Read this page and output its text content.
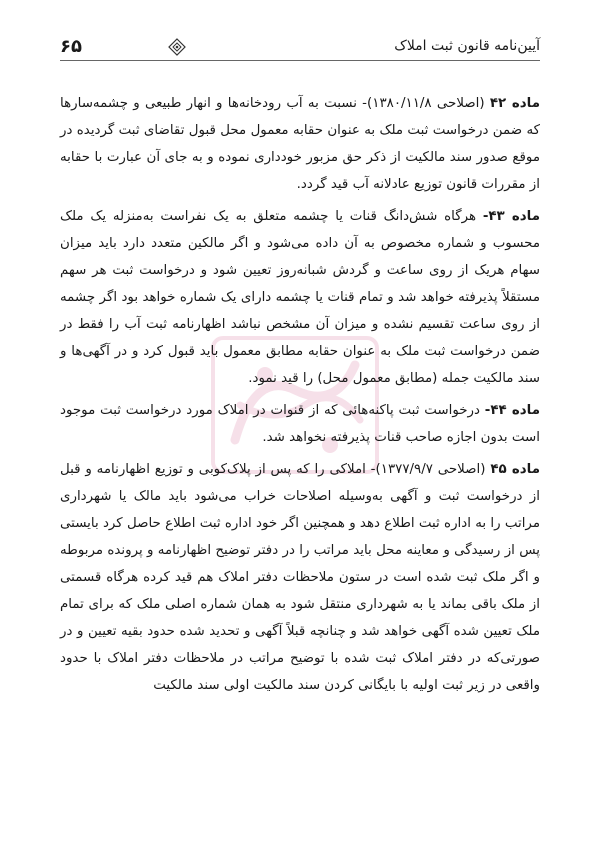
۶۵	آیین‌نامه قانون ثبت املاک

ماده ۴۲ (اصلاحی ۱۳۸۰/۱۱/۸)- نسبت به آب رودخانه‌ها و انهار طبیعی و چشمه‌سارها که ضمن درخواست ثبت ملک به عنوان حقابه معمول محل قبول تقاضای ثبت گردیده در موقع صدور سند مالکیت از ذکر حق مزبور خودداری نموده و به جای آن عبارت با حقابه از مقررات قانون توزیع عادلانه آب قید گردد.

ماده ۴۳- هرگاه شش‌دانگ قنات یا چشمه متعلق به یک نفراست به‌منزله یک ملک محسوب و شماره مخصوص به آن داده می‌شود و اگر مالکین متعدد دارد باید میزان سهام هریک از روی ساعت و گردش شبانه‌روز تعیین شود و درخواست ثبت هر سهم مستقلاً پذیرفته خواهد شد و تمام قنات یا چشمه دارای یک شماره خواهد بود اگر چشمه از روی ساعت تقسیم نشده و میزان آن مشخص نباشد اظهارنامه ثبت آب را فقط در ضمن درخواست ثبت ملک به عنوان حقابه مطابق معمول باید قبول کرد و در آگهی‌ها و سند مالکیت جمله (مطابق معمول محل) را قید نمود.

ماده ۴۴- درخواست ثبت پاکنه‌هائی که از قنوات در املاک مورد درخواست ثبت موجود است بدون اجازه صاحب قنات پذیرفته نخواهد شد.

ماده ۴۵ (اصلاحی ۱۳۷۷/۹/۷)- املاکی را که پس از پلاک‌کوبی و توزیع اظهارنامه و قبل از درخواست ثبت و آگهی به‌وسیله اصلاحات خراب می‌شود باید مالک یا شهرداری مراتب را به اداره ثبت اطلاع دهد و همچنین اگر خود اداره ثبت اطلاع حاصل کرد بایستی پس از رسیدگی و معاینه محل باید مراتب را در دفتر توضیح اظهارنامه و پرونده مربوطه و اگر ملک ثبت شده است در ستون ملاحظات دفتر املاک هم قید کرده هرگاه قسمتی از ملک باقی بماند یا به شهرداری منتقل شود به همان شماره اصلی ملک که برای تمام ملک تعیین شده آگهی خواهد شد و چنانچه قبلاً آگهی و تحدید شده حدود بقیه تعیین و در صورتی‌که در دفتر املاک ثبت شده با توضیح مراتب در ملاحظات دفتر املاک با حدود واقعی در زیر ثبت اولیه با بایگانی کردن سند مالکیت اولی سند مالکیت
